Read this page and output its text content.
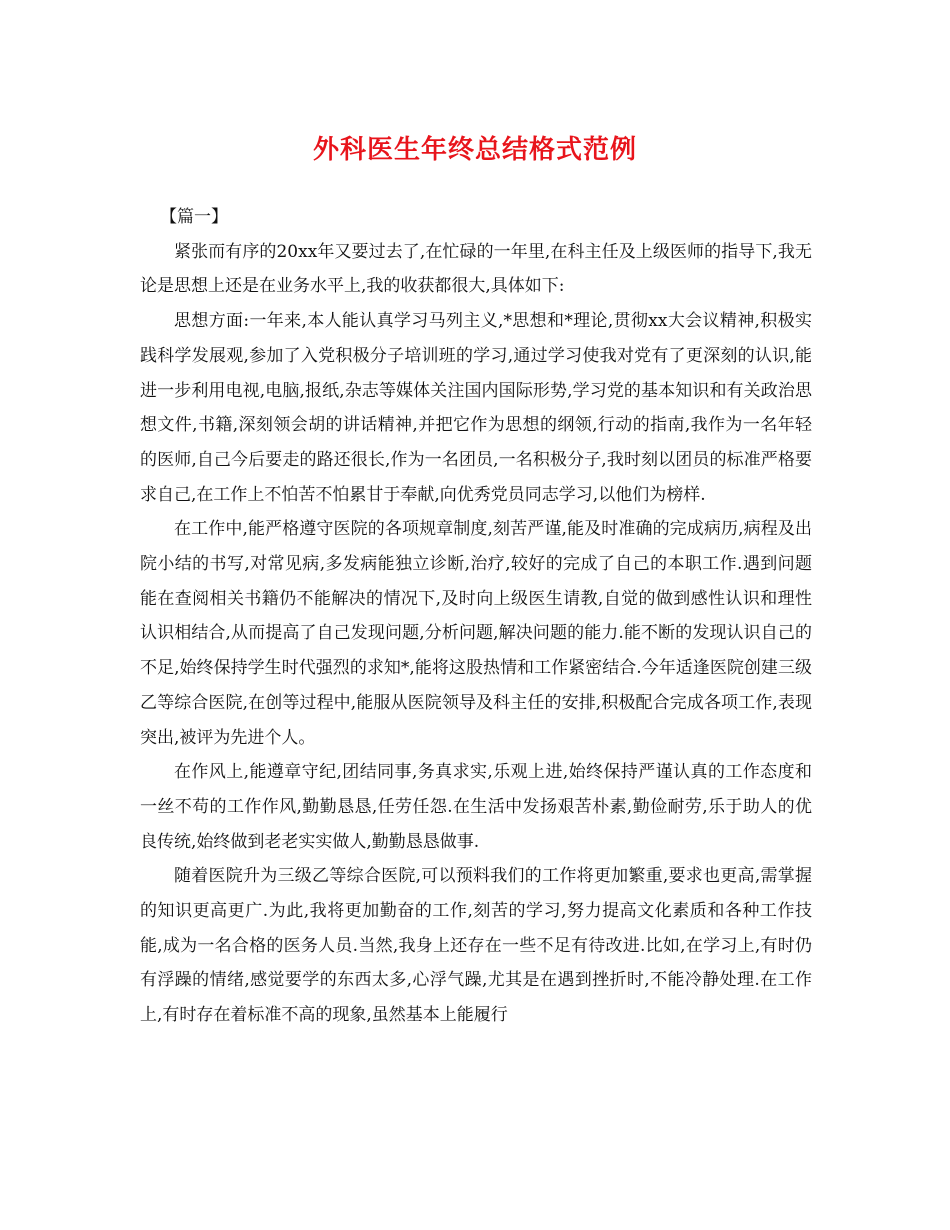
外科医生年终总结格式范例

【篇一】

紧张而有序的20xx年又要过去了,在忙碌的一年里,在科主任及上级医师的指导下,我无论是思想上还是在业务水平上,我的收获都很大,具体如下:

思想方面:一年来,本人能认真学习马列主义,*思想和*理论,贯彻xx大会议精神,积极实践科学发展观,参加了入党积极分子培训班的学习,通过学习使我对党有了更深刻的认识,能进一步利用电视,电脑,报纸,杂志等媒体关注国内国际形势,学习党的基本知识和有关政治思想文件,书籍,深刻领会胡的讲话精神,并把它作为思想的纲领,行动的指南,我作为一名年轻的医师,自己今后要走的路还很长,作为一名团员,一名积极分子,我时刻以团员的标准严格要求自己,在工作上不怕苦不怕累甘于奉献,向优秀党员同志学习,以他们为榜样.

在工作中,能严格遵守医院的各项规章制度,刻苦严谨,能及时准确的完成病历,病程及出院小结的书写,对常见病,多发病能独立诊断,治疗,较好的完成了自己的本职工作.遇到问题能在查阅相关书籍仍不能解决的情况下,及时向上级医生请教,自觉的做到感性认识和理性认识相结合,从而提高了自己发现问题,分析问题,解决问题的能力.能不断的发现认识自己的不足,始终保持学生时代强烈的求知*,能将这股热情和工作紧密结合.今年适逢医院创建三级乙等综合医院,在创等过程中,能服从医院领导及科主任的安排,积极配合完成各项工作,表现突出,被评为先进个人。

在作风上,能遵章守纪,团结同事,务真求实,乐观上进,始终保持严谨认真的工作态度和一丝不苟的工作作风,勤勤恳恳,任劳任怨.在生活中发扬艰苦朴素,勤俭耐劳,乐于助人的优良传统,始终做到老老实实做人,勤勤恳恳做事.

随着医院升为三级乙等综合医院,可以预料我们的工作将更加繁重,要求也更高,需掌握的知识更高更广.为此,我将更加勤奋的工作,刻苦的学习,努力提高文化素质和各种工作技能,成为一名合格的医务人员.当然,我身上还存在一些不足有待改进.比如,在学习上,有时仍有浮躁的情绪,感觉要学的东西太多,心浮气躁,尤其是在遇到挫折时,不能冷静处理.在工作上,有时存在着标准不高的现象,虽然基本上能履行
